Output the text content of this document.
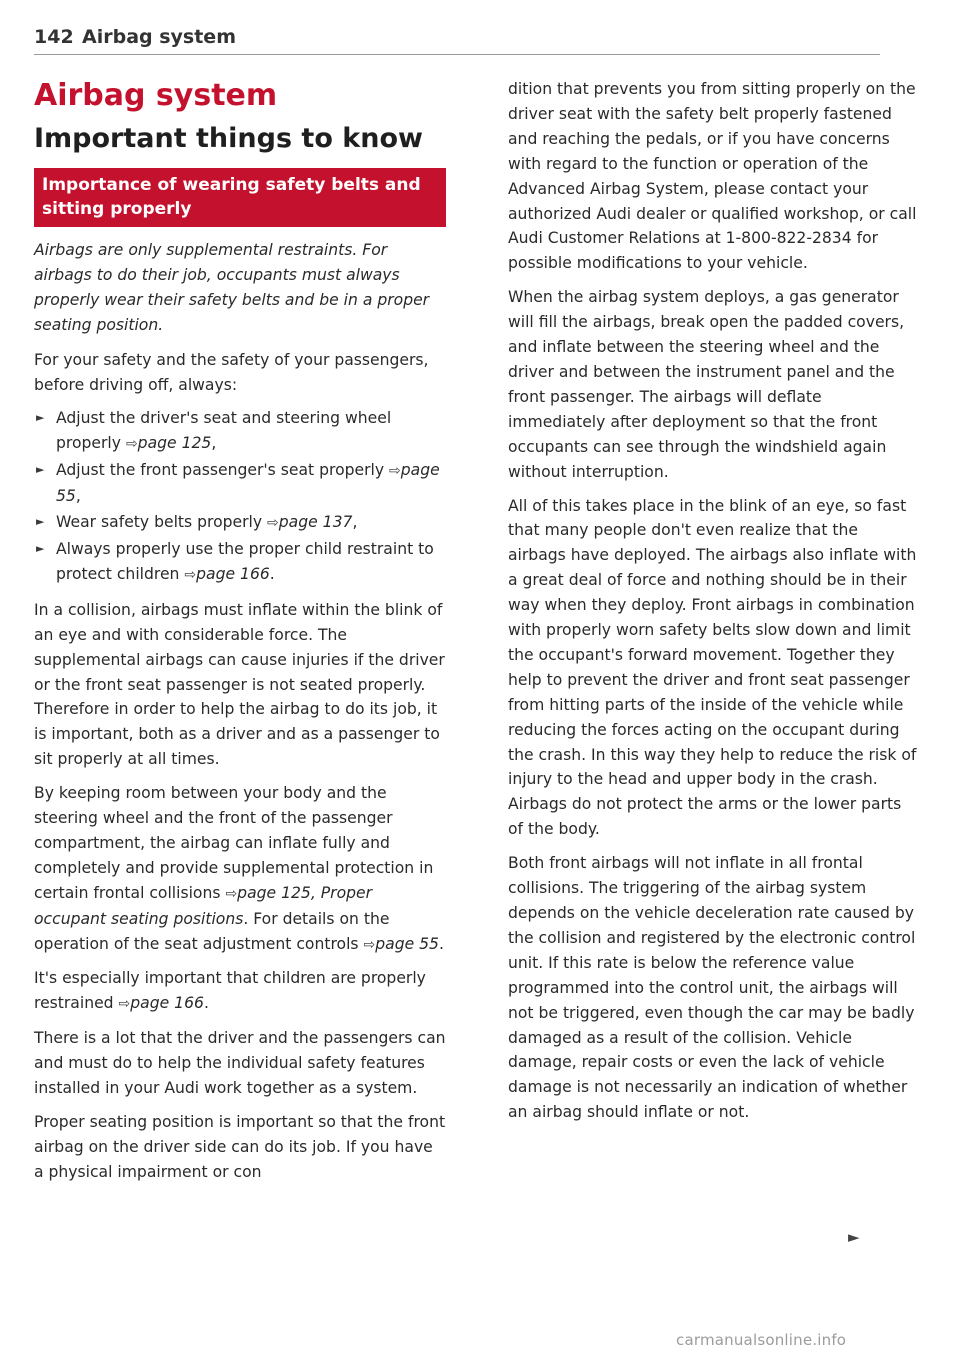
142 Airbag system
Airbag system
Important things to know
Importance of wearing safety belts and sitting properly

Airbags are only supplemental restraints. For airbags to do their job, occupants must always properly wear their safety belts and be in a proper seating position.

For your safety and the safety of your passengers, before driving off, always:

► Adjust the driver's seat and steering wheel properly ⇨page 125,
► Adjust the front passenger's seat properly ⇨page 55,
► Wear safety belts properly ⇨page 137,
► Always properly use the proper child restraint to protect children ⇨page 166.

In a collision, airbags must inflate within the blink of an eye and with considerable force. The supplemental airbags can cause injuries if the driver or the front seat passenger is not seated properly. Therefore in order to help the airbag to do its job, it is important, both as a driver and as a passenger to sit properly at all times.

By keeping room between your body and the steering wheel and the front of the passenger compartment, the airbag can inflate fully and completely and provide supplemental protection in certain frontal collisions ⇨page 125, Proper occupant seating positions. For details on the operation of the seat adjustment controls ⇨page 55.

It's especially important that children are properly restrained ⇨page 166.

There is a lot that the driver and the passengers can and must do to help the individual safety features installed in your Audi work together as a system.

Proper seating position is important so that the front airbag on the driver side can do its job. If you have a physical impairment or con

dition that prevents you from sitting properly on the driver seat with the safety belt properly fastened and reaching the pedals, or if you have concerns with regard to the function or operation of the Advanced Airbag System, please contact your authorized Audi dealer or qualified workshop, or call Audi Customer Relations at 1-800-822-2834 for possible modifications to your vehicle.

When the airbag system deploys, a gas generator will fill the airbags, break open the padded covers, and inflate between the steering wheel and the driver and between the instrument panel and the front passenger. The airbags will deflate immediately after deployment so that the front occupants can see through the windshield again without interruption.

All of this takes place in the blink of an eye, so fast that many people don't even realize that the airbags have deployed. The airbags also inflate with a great deal of force and nothing should be in their way when they deploy. Front airbags in combination with properly worn safety belts slow down and limit the occupant's forward movement. Together they help to prevent the driver and front seat passenger from hitting parts of the inside of the vehicle while reducing the forces acting on the occupant during the crash. In this way they help to reduce the risk of injury to the head and upper body in the crash. Airbags do not protect the arms or the lower parts of the body.

Both front airbags will not inflate in all frontal collisions. The triggering of the airbag system depends on the vehicle deceleration rate caused by the collision and registered by the electronic control unit. If this rate is below the reference value programmed into the control unit, the airbags will not be triggered, even though the car may be badly damaged as a result of the collision. Vehicle damage, repair costs or even the lack of vehicle damage is not necessarily an indication of whether an airbag should inflate or not.

►
carmanualsonline.info
